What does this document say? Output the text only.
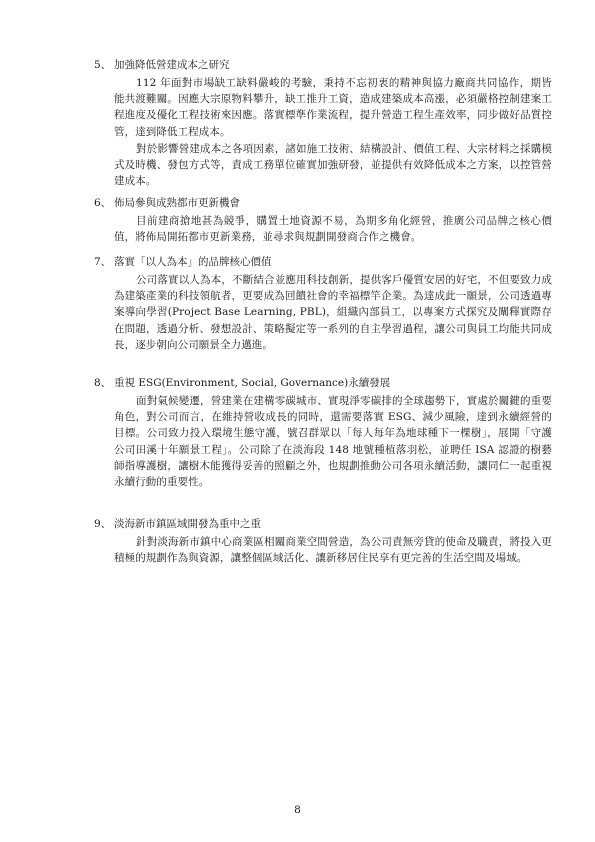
5、 加強降低營建成本之研究
112 年面對市場缺工缺料嚴峻的考驗，秉持不忘初衷的精神與協力廠商共同協作，期皆能共渡難關。因應大宗原物料攀升，缺工推升工資，造成建築成本高漲，必須嚴格控制建案工程進度及優化工程技術來因應。落實標準作業流程，提升營造工程生產效率，同步做好品質控管，達到降低工程成本。
對於影響營建成本之各項因素，諸如施工技術、結構設計、價值工程、大宗材料之採購模式及時機、發包方式等，責成工務單位確實加強研發，並提供有效降低成本之方案，以控管營建成本。
6、 佈局參與成熟都市更新機會
目前建商搶地甚為競爭，購置土地資源不易，為期多角化經營，推廣公司品牌之核心價值，將佈局開拓都市更新業務，並尋求與規劃開發商合作之機會。
7、 落實「以人為本」的品牌核心價值
公司落實以人為本，不斷結合並應用科技創新，提供客戶優質安居的好宅，不但要致力成為建築產業的科技領航者，更要成為回饋社會的幸福標竿企業。為達成此一願景，公司透過專案導向學習(Project Base Learning, PBL)，組織內部員工，以專案方式探究及闡釋實際存在問題，透過分析、發想設計、策略擬定等一系列的自主學習過程，讓公司與員工均能共同成長，逐步朝向公司願景全力邁進。
8、 重視 ESG(Environment, Social, Governance)永續發展
面對氣候變遷，營建業在建構零碳城市、實現淨零碳排的全球趨勢下，實處於關鍵的重要角色，對公司而言，在維持營收成長的同時，還需要落實 ESG、減少風險，達到永續經營的目標。公司致力投入環境生態守護，號召群眾以「每人每年為地球種下一棵樹」，展開「守護公司田溪十年願景工程」。公司除了在淡海段 148 地號種植落羽松，並聘任 ISA 認證的樹藝師指導護樹，讓樹木能獲得妥善的照顧之外，也規劃推動公司各項永續活動，讓同仁一起重視永續行動的重要性。
9、 淡海新市鎮區域開發為重中之重
針對淡海新市鎮中心商業區相關商業空間營造，為公司責無旁貸的使命及職責，將投入更積極的規劃作為與資源，讓整個區域活化、讓新移居住民享有更完善的生活空間及場域。
8
